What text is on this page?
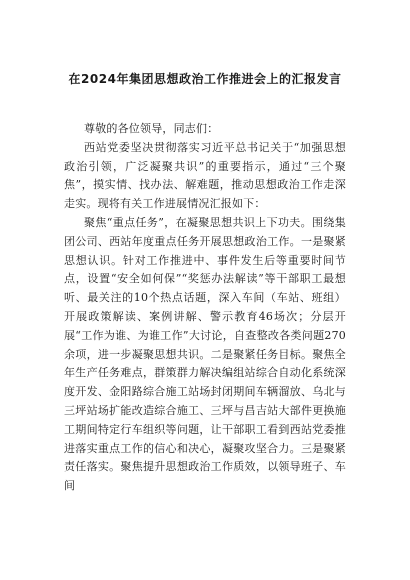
在2024年集团思想政治工作推进会上的汇报发言

尊敬的各位领导，同志们：

西站党委坚决贯彻落实习近平总书记关于“加强思想政治引领，广泛凝聚共识”的重要指示，通过“三个聚焦”，摸实情、找办法、解难题，推动思想政治工作走深走实。现将有关工作进展情况汇报如下：

聚焦“重点任务”，在凝聚思想共识上下功夫。围绕集团公司、西站年度重点任务开展思想政治工作。一是聚紧思想认识。针对工作推进中、事件发生后等重要时间节点，设置“安全如何保”“奖惩办法解读”等干部职工最想听、最关注的10个热点话题，深入车间（车站、班组）开展政策解读、案例讲解、警示教育46场次；分层开展“工作为谁、为谁工作”大讨论，自查整改各类问题270余项，进一步凝聚思想共识。二是聚紧任务目标。聚焦全年生产任务难点，群策群力解决编组站综合自动化系统深度开发、金阳路综合施工站场封闭期间车辆溜放、乌北与三坪站场扩能改造综合施工、三坪与昌吉站大部件更换施工期间特定行车组织等问题，让干部职工看到西站党委推进落实重点工作的信心和决心，凝聚攻坚合力。三是聚紧责任落实。聚焦提升思想政治工作质效，以领导班子、车间
